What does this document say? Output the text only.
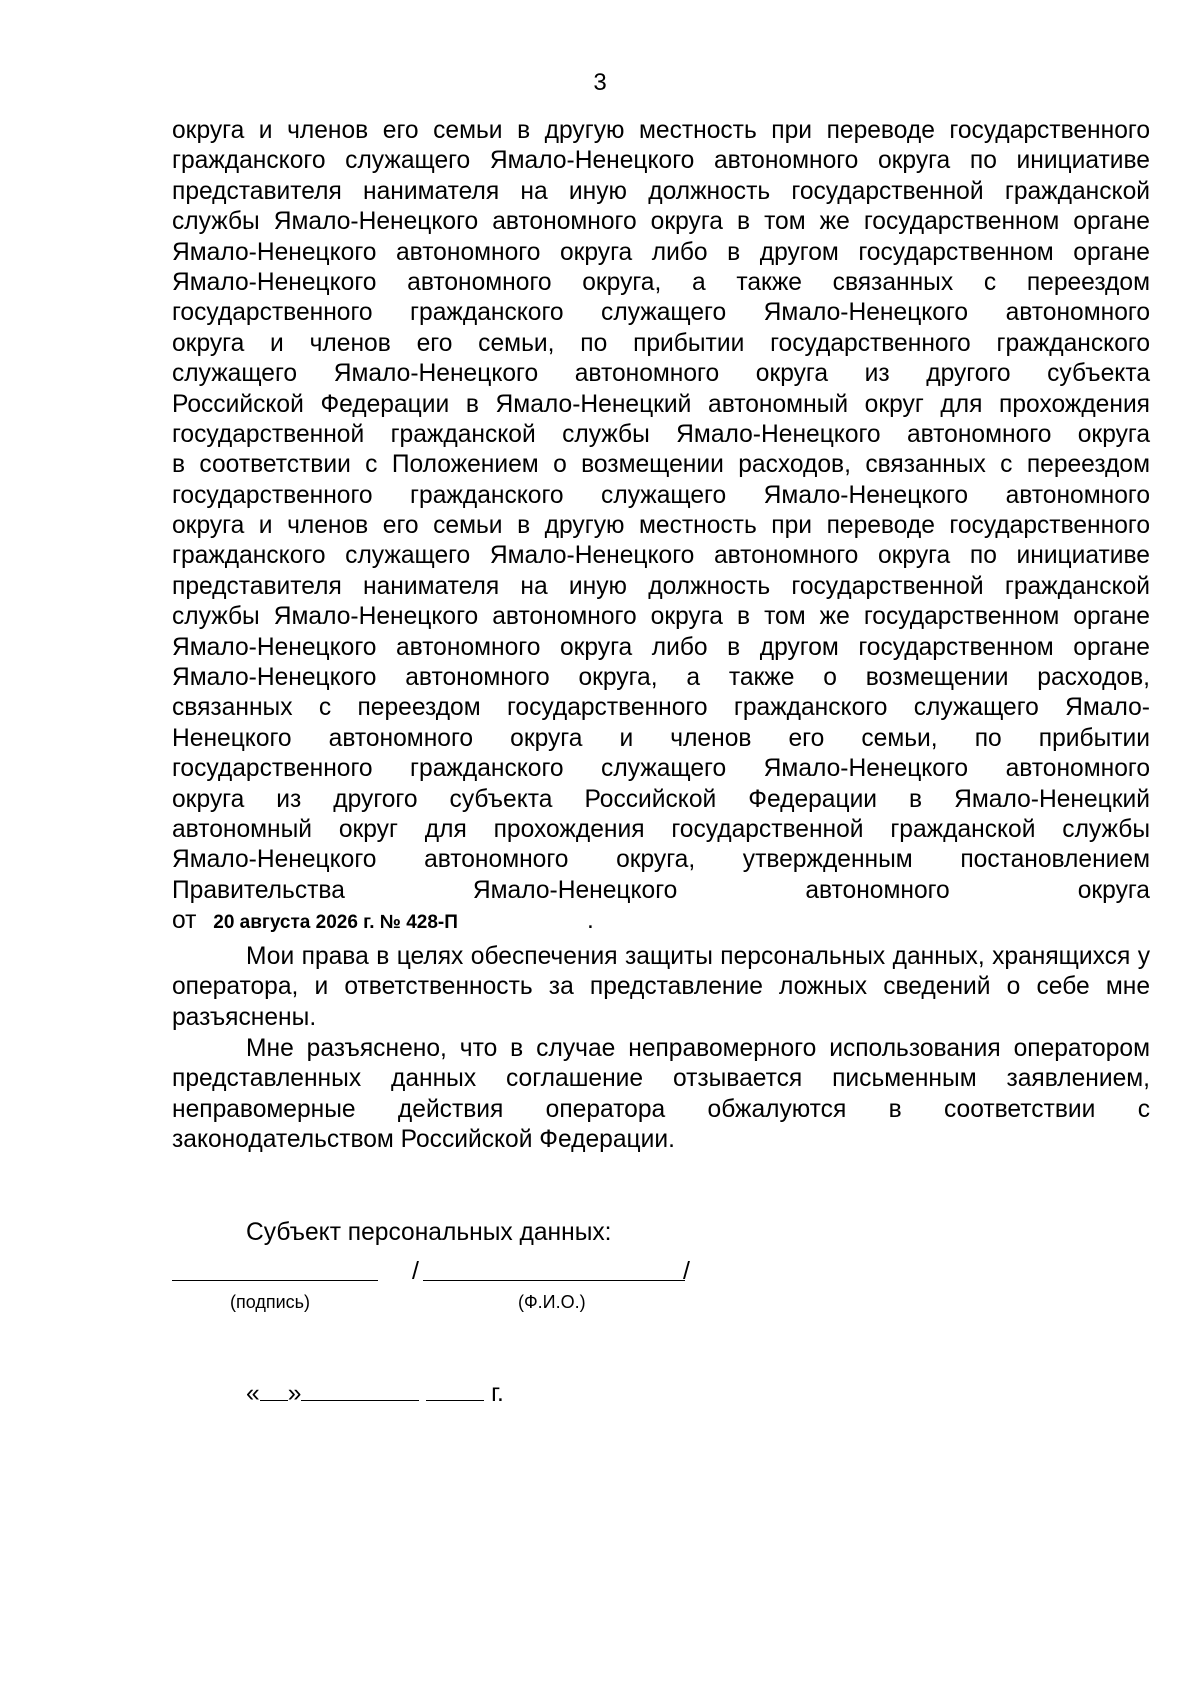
3
округа и членов его семьи в другую местность при переводе государственного
гражданского служащего Ямало-Ненецкого автономного округа по инициативе
представителя нанимателя на иную должность государственной гражданской
службы Ямало-Ненецкого автономного округа в том же государственном органе
Ямало-Ненецкого автономного округа либо в другом государственном органе
Ямало-Ненецкого автономного округа, а также связанных с переездом
государственного гражданского служащего Ямало-Ненецкого автономного
округа и членов его семьи, по прибытии государственного гражданского
служащего Ямало-Ненецкого автономного округа из другого субъекта
Российской Федерации в Ямало-Ненецкий автономный округ для прохождения
государственной гражданской службы Ямало-Ненецкого автономного округа
в соответствии с Положением о возмещении расходов, связанных с переездом
государственного гражданского служащего Ямало-Ненецкого автономного
округа и членов его семьи в другую местность при переводе государственного
гражданского служащего Ямало-Ненецкого автономного округа по инициативе
представителя нанимателя на иную должность государственной гражданской
службы Ямало-Ненецкого автономного округа в том же государственном органе
Ямало-Ненецкого автономного округа либо в другом государственном органе
Ямало-Ненецкого автономного округа, а также о возмещении расходов,
связанных с переездом государственного гражданского служащего Ямало-
Ненецкого автономного округа и членов его семьи, по прибытии
государственного гражданского служащего Ямало-Ненецкого автономного
округа из другого субъекта Российской Федерации в Ямало-Ненецкий
автономный округ для прохождения государственной гражданской службы
Ямало-Ненецкого автономного округа, утвержденным постановлением
Правительства Ямало-Ненецкого автономного округа
от 20 августа 2026 г. № 428-П	.
Мои права в целях обеспечения защиты персональных данных, хранящихся у оператора, и ответственность за представление ложных сведений о себе мне разъяснены.
Мне разъяснено, что в случае неправомерного использования оператором представленных данных соглашение отзывается письменным заявлением, неправомерные действия оператора обжалуются в соответствии с законодательством Российской Федерации.
Субъект персональных данных:
/	/
(подпись)	(Ф.И.О.)
« »	г.
